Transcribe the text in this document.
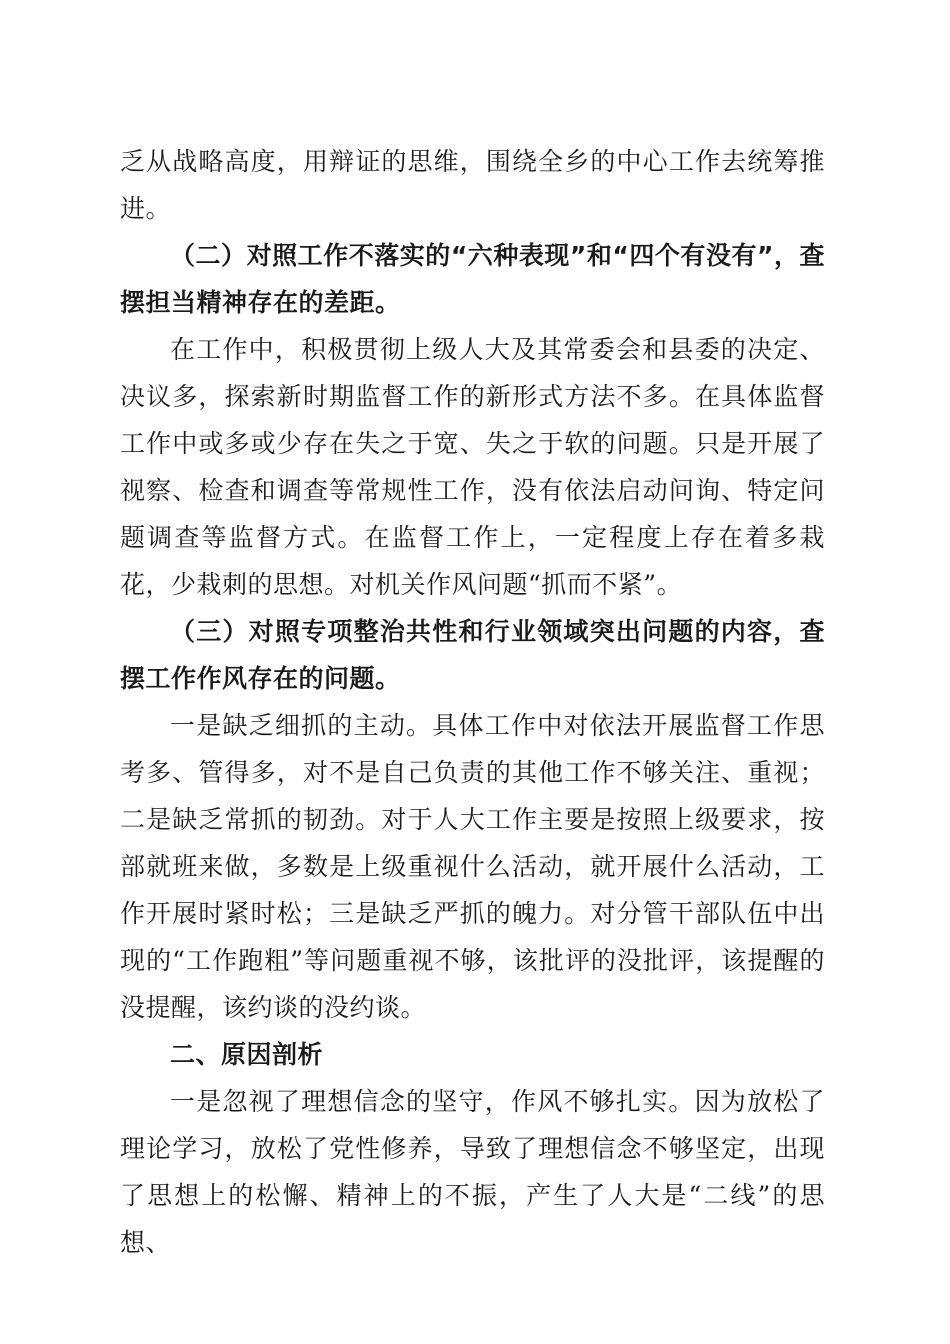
乏从战略高度，用辩证的思维，围绕全乡的中心工作去统筹推进。

（二）对照工作不落实的“六种表现”和“四个有没有”，查摆担当精神存在的差距。

在工作中，积极贯彻上级人大及其常委会和县委的决定、决议多，探索新时期监督工作的新形式方法不多。在具体监督工作中或多或少存在失之于宽、失之于软的问题。只是开展了视察、检查和调查等常规性工作，没有依法启动问询、特定问题调查等监督方式。在监督工作上，一定程度上存在着多栽花，少栽刺的思想。对机关作风问题“抓而不紧”。

（三）对照专项整治共性和行业领域突出问题的内容，查摆工作作风存在的问题。

一是缺乏细抓的主动。具体工作中对依法开展监督工作思考多、管得多，对不是自己负责的其他工作不够关注、重视；二是缺乏常抓的韧劲。对于人大工作主要是按照上级要求，按部就班来做，多数是上级重视什么活动，就开展什么活动，工作开展时紧时松；三是缺乏严抓的魄力。对分管干部队伍中出现的“工作跑粗”等问题重视不够，该批评的没批评，该提醒的没提醒，该约谈的没约谈。

二、原因剖析

一是忽视了理想信念的坚守，作风不够扎实。因为放松了理论学习，放松了党性修养，导致了理想信念不够坚定，出现了思想上的松懈、精神上的不振，产生了人大是“二线”的思想、
